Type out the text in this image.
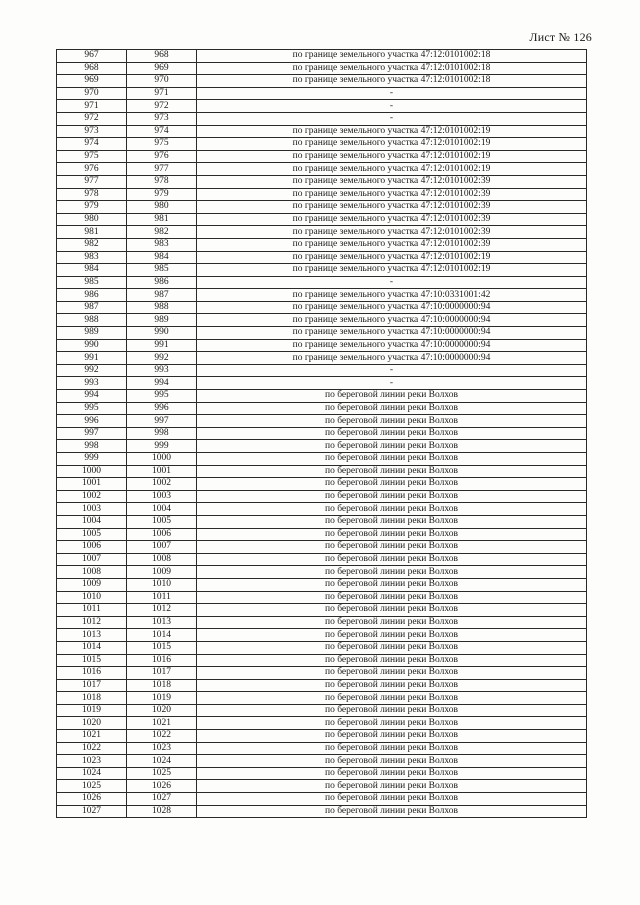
Лист № 126
967	968	по границе земельного участка 47:12:0101002:18
968	969	по границе земельного участка 47:12:0101002:18
969	970	по границе земельного участка 47:12:0101002:18
970	971	-
971	972	-
972	973	-
973	974	по границе земельного участка 47:12:0101002:19
974	975	по границе земельного участка 47:12:0101002:19
975	976	по границе земельного участка 47:12:0101002:19
976	977	по границе земельного участка 47:12:0101002:19
977	978	по границе земельного участка 47:12:0101002:39
978	979	по границе земельного участка 47:12:0101002:39
979	980	по границе земельного участка 47:12:0101002:39
980	981	по границе земельного участка 47:12:0101002:39
981	982	по границе земельного участка 47:12:0101002:39
982	983	по границе земельного участка 47:12:0101002:39
983	984	по границе земельного участка 47:12:0101002:19
984	985	по границе земельного участка 47:12:0101002:19
985	986	-
986	987	по границе земельного участка 47:10:0331001:42
987	988	по границе земельного участка 47:10:0000000:94
988	989	по границе земельного участка 47:10:0000000:94
989	990	по границе земельного участка 47:10:0000000:94
990	991	по границе земельного участка 47:10:0000000:94
991	992	по границе земельного участка 47:10:0000000:94
992	993	-
993	994	-
994	995	по береговой линии реки Волхов
995	996	по береговой линии реки Волхов
996	997	по береговой линии реки Волхов
997	998	по береговой линии реки Волхов
998	999	по береговой линии реки Волхов
999	1000	по береговой линии реки Волхов
1000	1001	по береговой линии реки Волхов
1001	1002	по береговой линии реки Волхов
1002	1003	по береговой линии реки Волхов
1003	1004	по береговой линии реки Волхов
1004	1005	по береговой линии реки Волхов
1005	1006	по береговой линии реки Волхов
1006	1007	по береговой линии реки Волхов
1007	1008	по береговой линии реки Волхов
1008	1009	по береговой линии реки Волхов
1009	1010	по береговой линии реки Волхов
1010	1011	по береговой линии реки Волхов
1011	1012	по береговой линии реки Волхов
1012	1013	по береговой линии реки Волхов
1013	1014	по береговой линии реки Волхов
1014	1015	по береговой линии реки Волхов
1015	1016	по береговой линии реки Волхов
1016	1017	по береговой линии реки Волхов
1017	1018	по береговой линии реки Волхов
1018	1019	по береговой линии реки Волхов
1019	1020	по береговой линии реки Волхов
1020	1021	по береговой линии реки Волхов
1021	1022	по береговой линии реки Волхов
1022	1023	по береговой линии реки Волхов
1023	1024	по береговой линии реки Волхов
1024	1025	по береговой линии реки Волхов
1025	1026	по береговой линии реки Волхов
1026	1027	по береговой линии реки Волхов
1027	1028	по береговой линии реки Волхов
